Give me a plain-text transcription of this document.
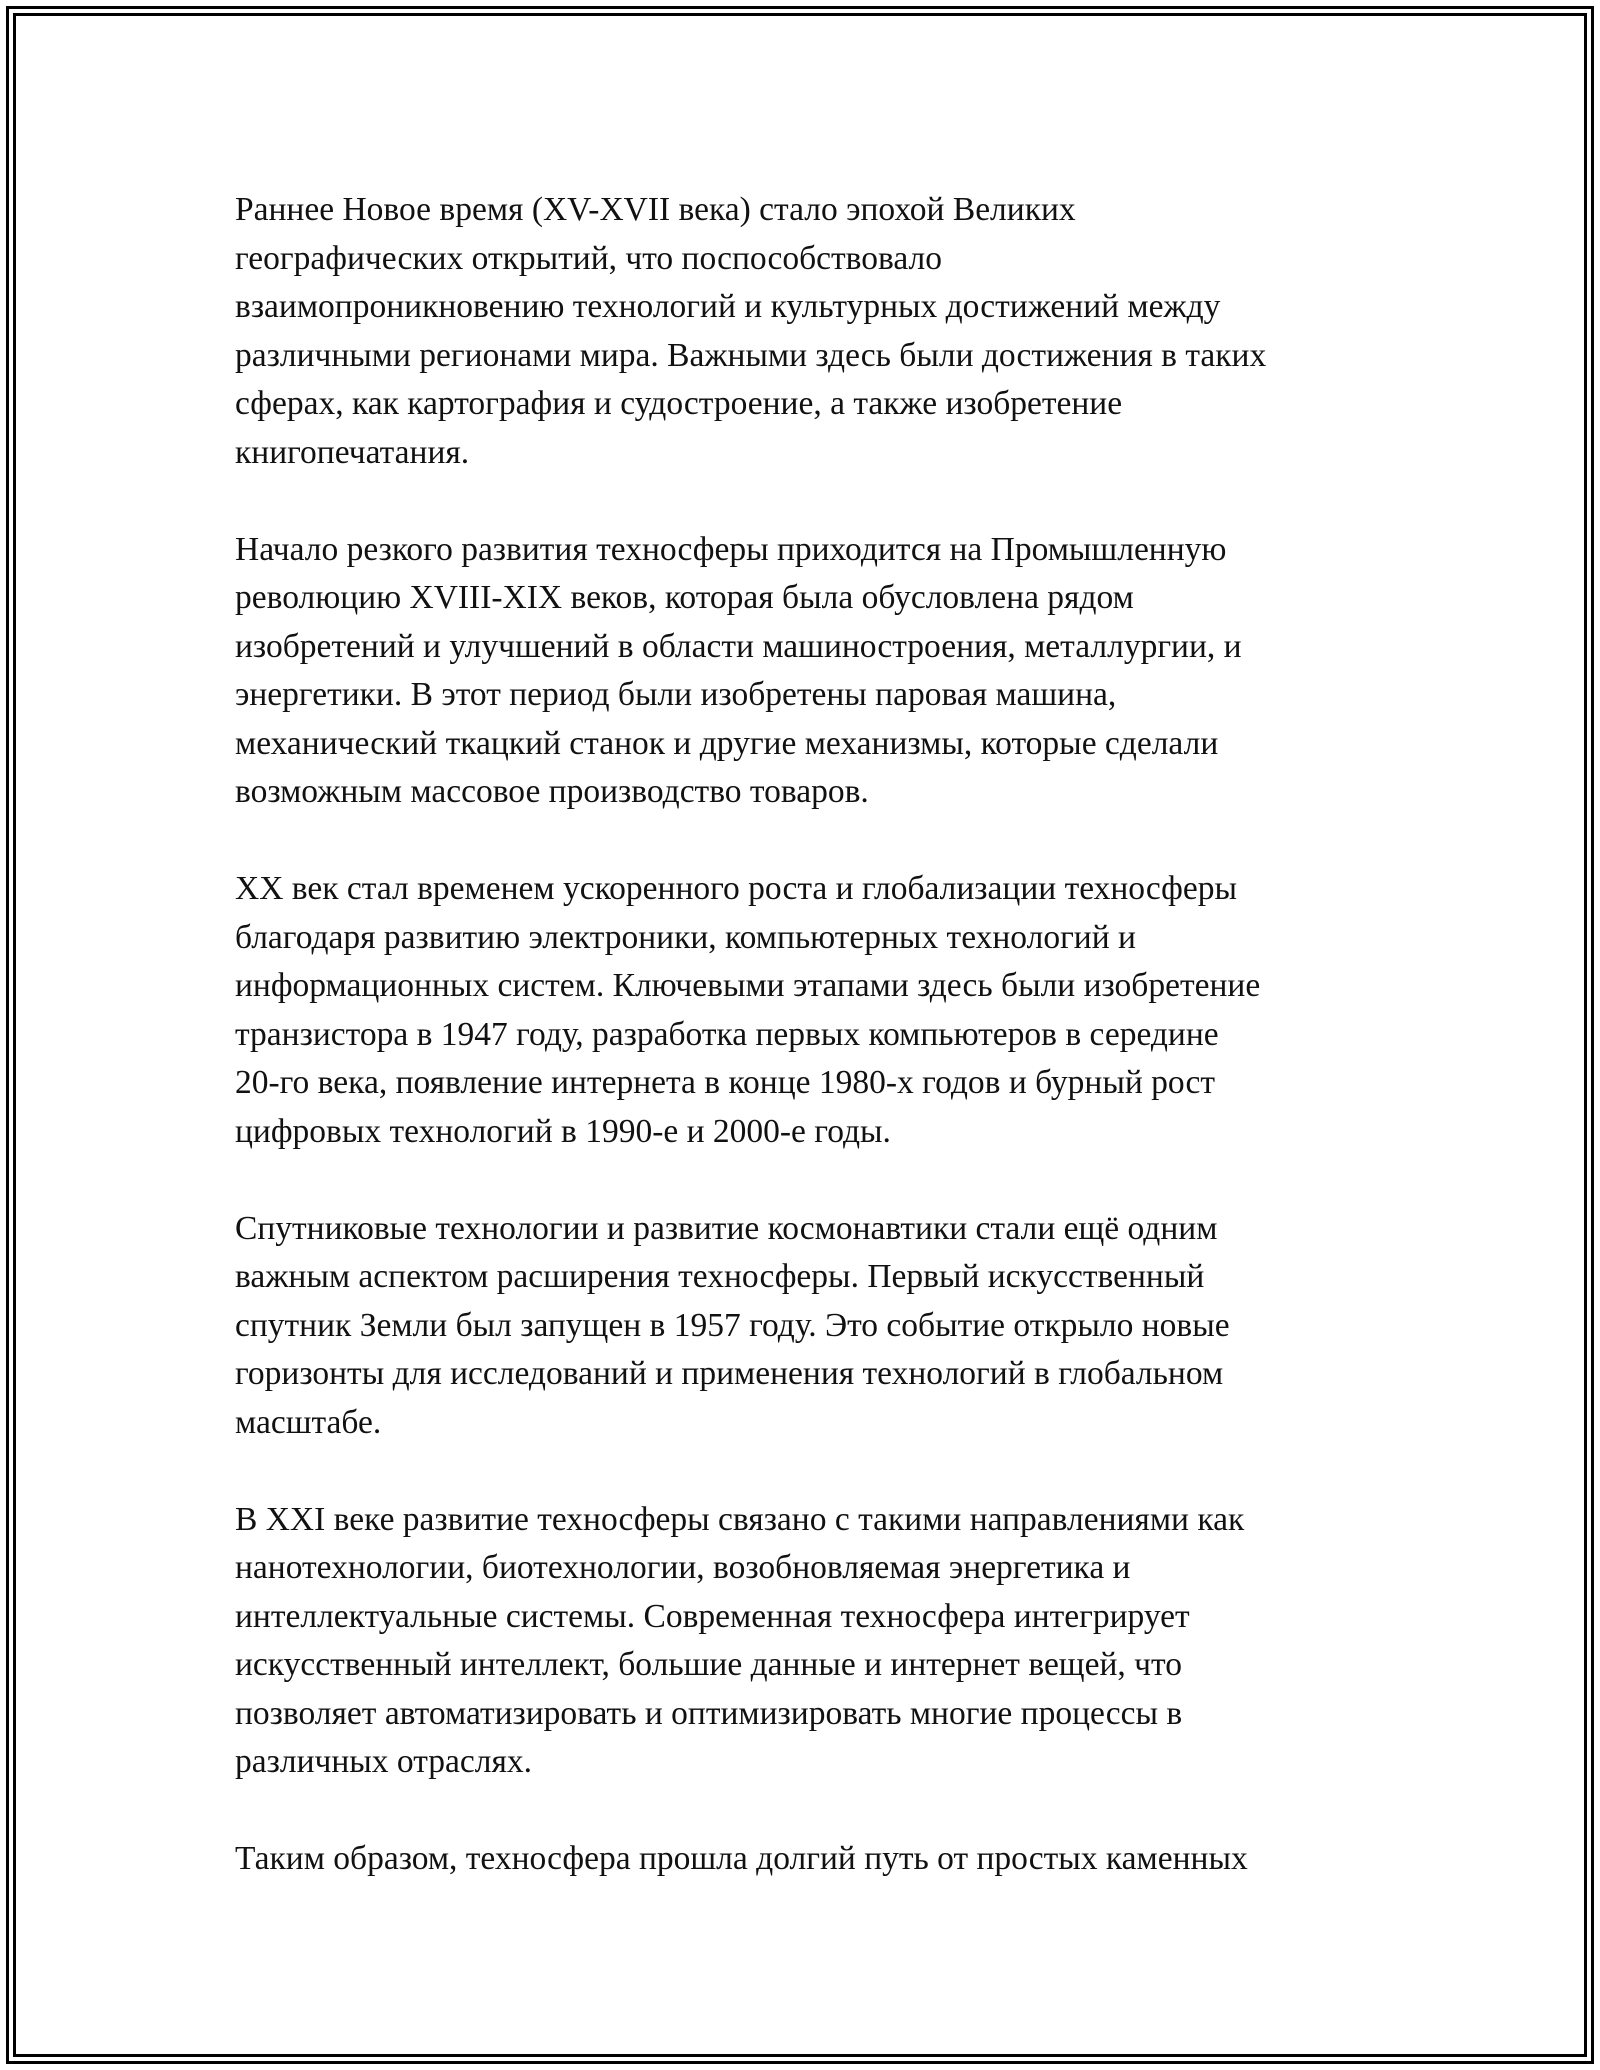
Раннее Новое время (XV-XVII века) стало эпохой Великих
географических открытий, что поспособствовало
взаимопроникновению технологий и культурных достижений между
различными регионами мира. Важными здесь были достижения в таких
сферах, как картография и судостроение, а также изобретение
книгопечатания.

Начало резкого развития техносферы приходится на Промышленную
революцию XVIII-XIX веков, которая была обусловлена рядом
изобретений и улучшений в области машиностроения, металлургии, и
энергетики. В этот период были изобретены паровая машина,
механический ткацкий станок и другие механизмы, которые сделали
возможным массовое производство товаров.

XX век стал временем ускоренного роста и глобализации техносферы
благодаря развитию электроники, компьютерных технологий и
информационных систем. Ключевыми этапами здесь были изобретение
транзистора в 1947 году, разработка первых компьютеров в середине
20-го века, появление интернета в конце 1980-х годов и бурный рост
цифровых технологий в 1990-е и 2000-е годы.

Спутниковые технологии и развитие космонавтики стали ещё одним
важным аспектом расширения техносферы. Первый искусственный
спутник Земли был запущен в 1957 году. Это событие открыло новые
горизонты для исследований и применения технологий в глобальном
масштабе.

В XXI веке развитие техносферы связано с такими направлениями как
нанотехнологии, биотехнологии, возобновляемая энергетика и
интеллектуальные системы. Современная техносфера интегрирует
искусственный интеллект, большие данные и интернет вещей, что
позволяет автоматизировать и оптимизировать многие процессы в
различных отраслях.

Таким образом, техносфера прошла долгий путь от простых каменных
